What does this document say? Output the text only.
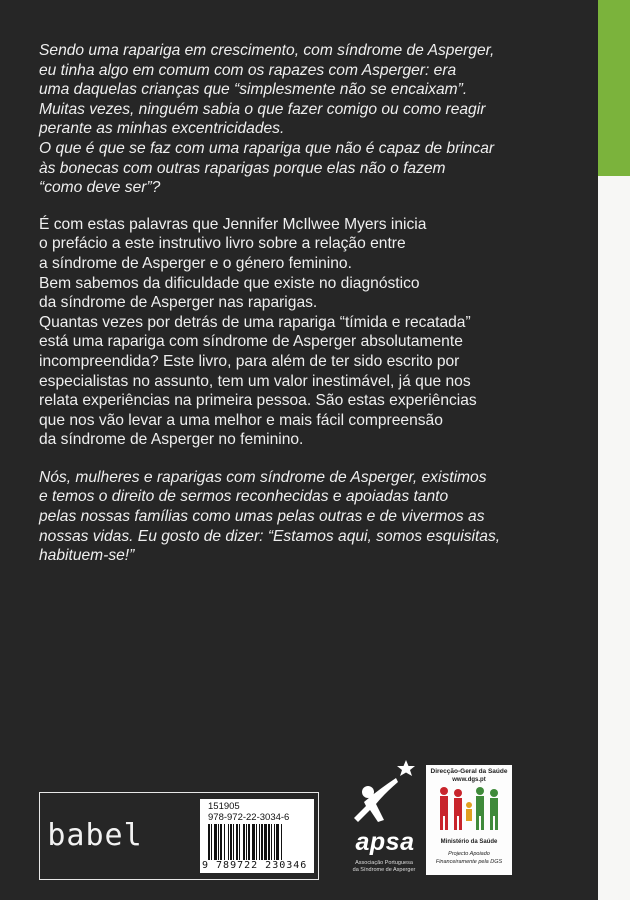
Sendo uma rapariga em crescimento, com síndrome de Asperger,

eu tinha algo em comum com os rapazes com Asperger: era

uma daquelas crianças que “simplesmente não se encaixam”.

Muitas vezes, ninguém sabia o que fazer comigo ou como reagir

perante as minhas excentricidades.

O que é que se faz com uma rapariga que não é capaz de brincar

às bonecas com outras raparigas porque elas não o fazem

“como deve ser”?

É com estas palavras que Jennifer McIlwee Myers inicia

o prefácio a este instrutivo livro sobre a relação entre

a síndrome de Asperger e o género feminino.

Bem sabemos da dificuldade que existe no diagnóstico

da síndrome de Asperger nas raparigas.

Quantas vezes por detrás de uma rapariga “tímida e recatada”

está uma rapariga com síndrome de Asperger absolutamente

incompreendida? Este livro, para além de ter sido escrito por

especialistas no assunto, tem um valor inestimável, já que nos

relata experiências na primeira pessoa. São estas experiências

que nos vão levar a uma melhor e mais fácil compreensão

da síndrome de Asperger no feminino.

Nós, mulheres e raparigas com síndrome de Asperger, existimos

e temos o direito de sermos reconhecidas e apoiadas tanto

pelas nossas famílias como umas pelas outras e de vivermos as

nossas vidas. Eu gosto de dizer: “Estamos aqui, somos esquisitas,

habituem-se!”

babel
151905
978-972-22-3034-6
9 789722 230346
apsa
Associação Portuguesa
da Síndrome de Asperger
Direcção-Geral da Saúde
www.dgs.pt
Ministério da Saúde
Projecto Apoiado
Financeiramente pela DGS
